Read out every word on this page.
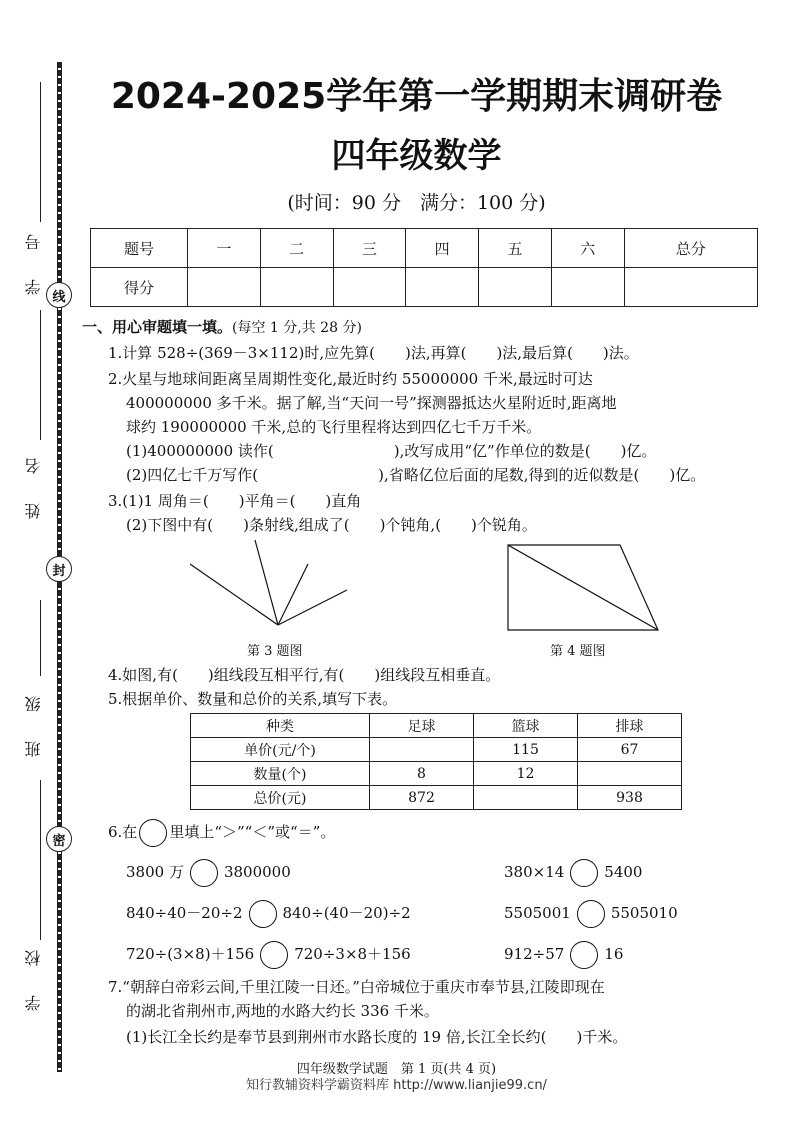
学 号
姓 名
班 级
学 校
线
封
密
2024-2025学年第一学期期末调研卷
四年级数学
(时间：90 分　满分：100 分)
题号	一	二	三	四	五	六	总分
得分							
一、用心审题填一填。(每空 1 分,共 28 分)
1.计算 528÷(369－3×112)时,应先算(　　)法,再算(　　)法,最后算(　　)法。
2.火星与地球间距离呈周期性变化,最近时约 55000000 千米,最远时可达
400000000 多千米。据了解,当“天问一号”探测器抵达火星附近时,距离地
球约 190000000 千米,总的飞行里程将达到四亿七千万千米。
(1)400000000 读作(　　　　　　　　),改写成用“亿”作单位的数是(　　)亿。
(2)四亿七千万写作(　　　　　　　　),省略亿位后面的尾数,得到的近似数是(　　)亿。
3.(1)1 周角＝(　　)平角＝(　　)直角
(2)下图中有(　　)条射线,组成了(　　)个钝角,(　　)个锐角。
第 3 题图	第 4 题图
4.如图,有(　　)组线段互相平行,有(　　)组线段互相垂直。
5.根据单价、数量和总价的关系,填写下表。
种类	足球	篮球	排球
单价(元/个)		115	67
数量(个)	8	12	
总价(元)	872		938
6.在 里填上“＞”“＜”或“＝”。
3800 万	3800000	380×14	5400
840÷40－20÷2	840÷(40－20)÷2	5505001	5505010
720÷(3×8)＋156	720÷3×8＋156	912÷57	16
7.“朝辞白帝彩云间,千里江陵一日还。”白帝城位于重庆市奉节县,江陵即现在
的湖北省荆州市,两地的水路大约长 336 千米。
(1)长江全长约是奉节县到荆州市水路长度的 19 倍,长江全长约(　　)千米。
四年级数学试题　第 1 页(共 4 页)
知行教辅资料学霸资料库 http://www.lianjie99.cn/
